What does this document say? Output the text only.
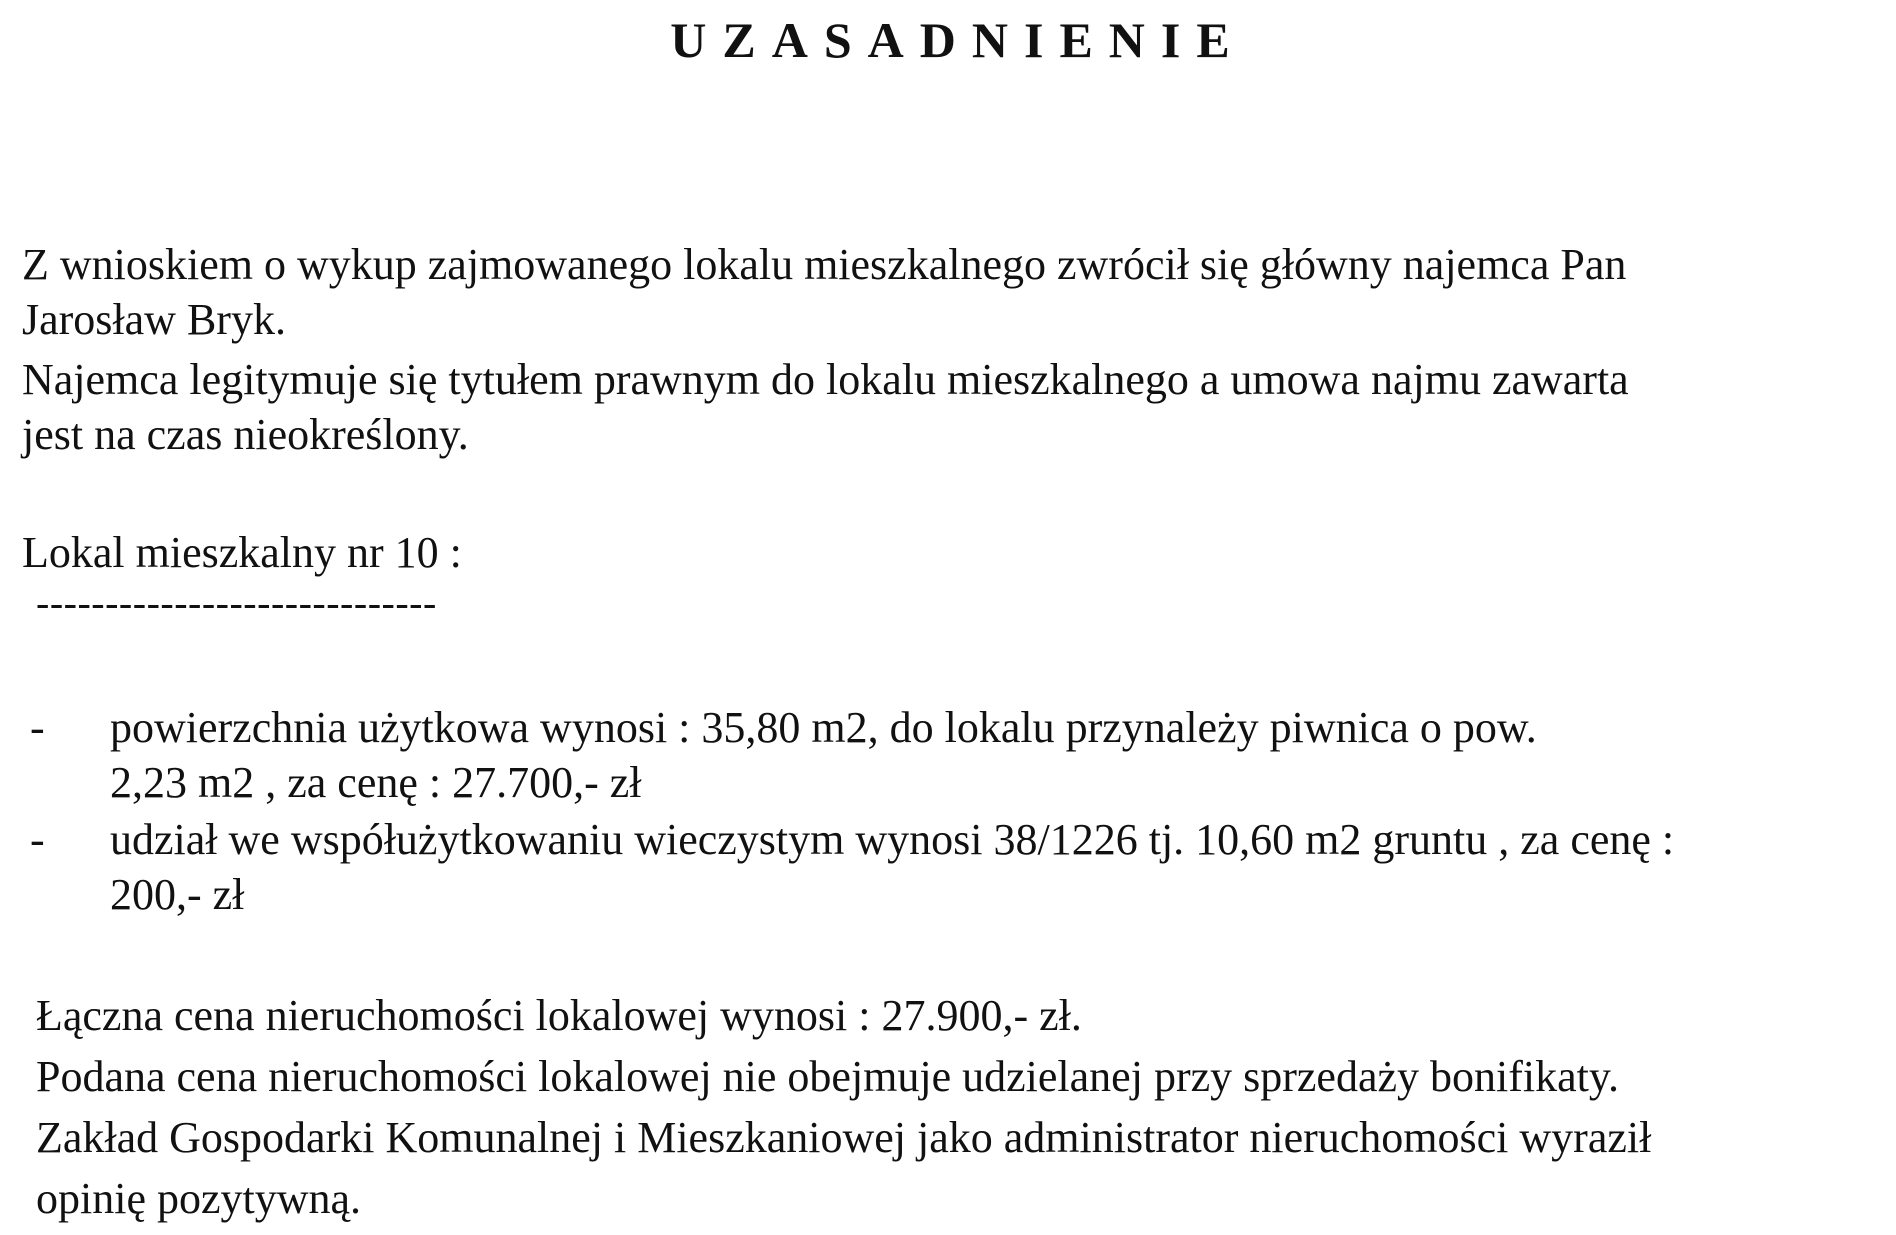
UZASADNIENIE
Z wnioskiem o wykup zajmowanego lokalu mieszkalnego zwrócił się główny najemca Pan
Jarosław Bryk.
Najemca legitymuje się tytułem prawnym do lokalu mieszkalnego a umowa najmu zawarta
jest na czas nieokreślony.
Lokal mieszkalny nr 10 :
-----------------------------
- powierzchnia użytkowa wynosi : 35,80 m2, do lokalu przynależy piwnica o pow.
2,23 m2 , za cenę : 27.700,- zł
- udział we współużytkowaniu wieczystym wynosi 38/1226 tj. 10,60 m2 gruntu , za cenę :
200,- zł
Łączna cena nieruchomości lokalowej wynosi : 27.900,- zł.
Podana cena nieruchomości lokalowej nie obejmuje udzielanej przy sprzedaży bonifikaty.
Zakład Gospodarki Komunalnej i Mieszkaniowej jako administrator nieruchomości wyraził
opinię pozytywną.
